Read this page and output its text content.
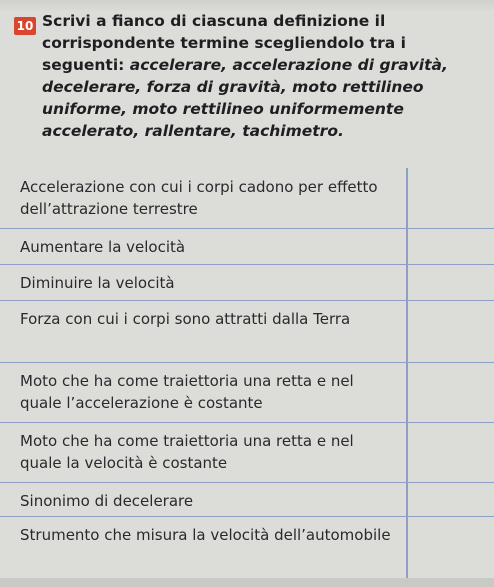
10 Scrivi a fianco di ciascuna definizione il corrispondente termine scegliendolo tra i seguenti: accelerare, accelerazione di gravità, decelerare, forza di gravità, moto rettilineo uniforme, moto rettilineo uniformemente accelerato, rallentare, tachimetro.
Accelerazione con cui i corpi cadono per effetto dell’attrazione terrestre
Aumentare la velocità
Diminuire la velocità
Forza con cui i corpi sono attratti dalla Terra
Moto che ha come traiettoria una retta e nel quale l’accelerazione è costante
Moto che ha come traiettoria una retta e nel quale la velocità è costante
Sinonimo di decelerare
Strumento che misura la velocità dell’automobile
